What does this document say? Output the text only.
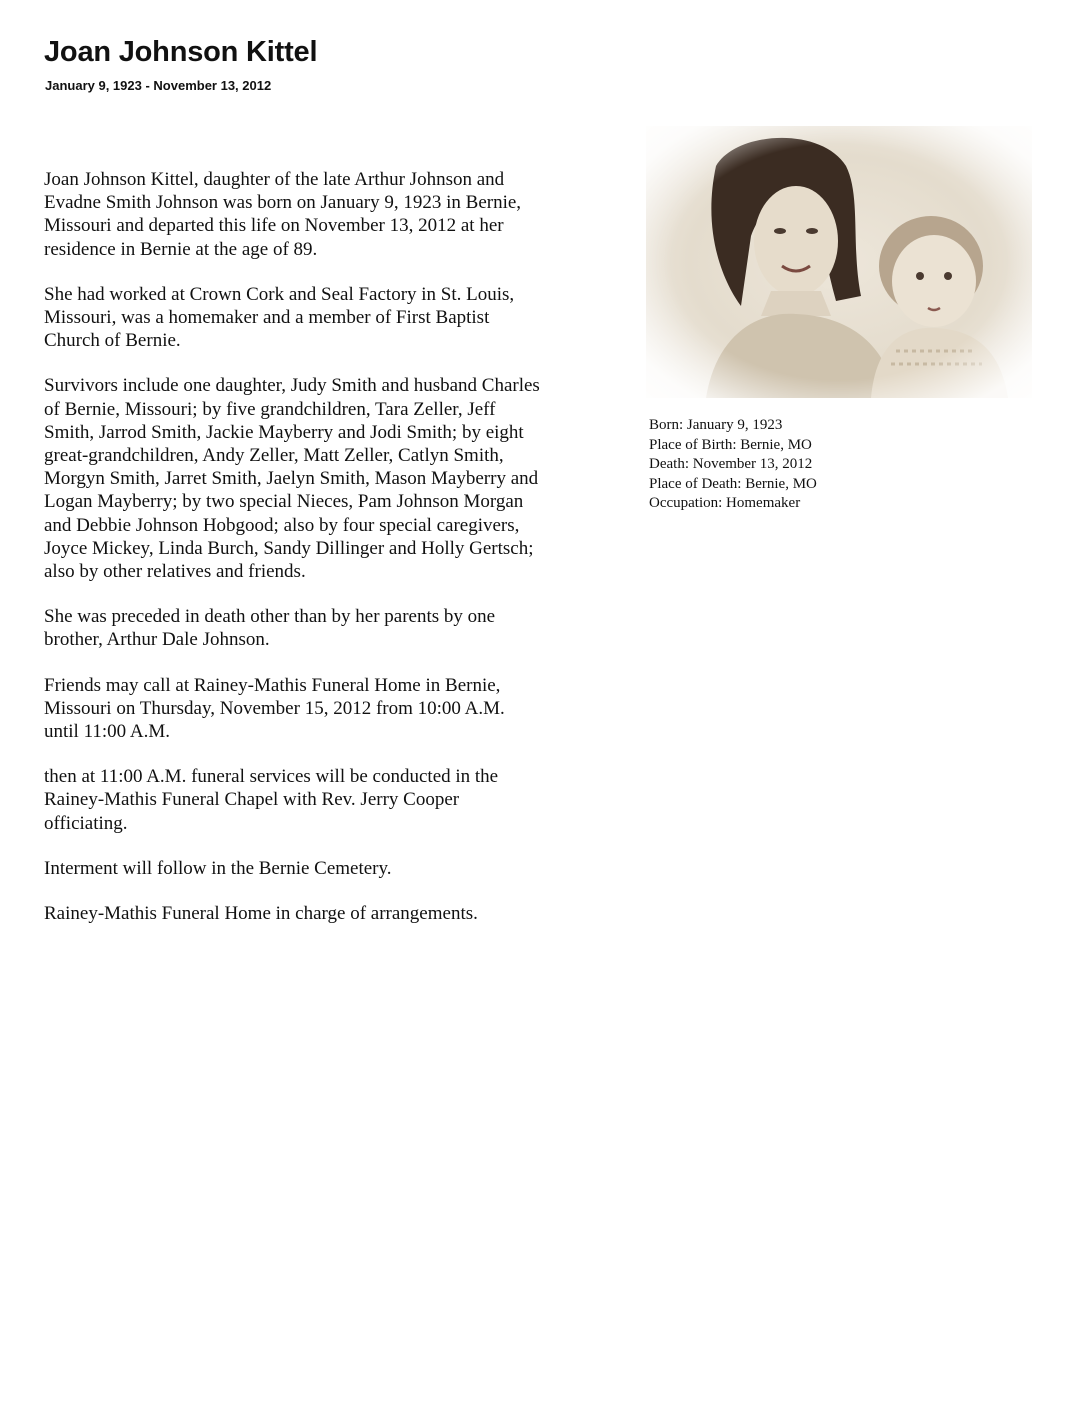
Joan Johnson Kittel
January 9, 1923 - November 13, 2012

Joan Johnson Kittel, daughter of the late Arthur Johnson and
Evadne Smith Johnson was born on January 9, 1923 in Bernie,
Missouri and departed this life on November 13, 2012 at her
residence in Bernie at the age of 89.

She had worked at Crown Cork and Seal Factory in St. Louis,
Missouri, was a homemaker and a member of First Baptist
Church of Bernie.

Survivors include one daughter, Judy Smith and husband Charles
of Bernie, Missouri; by five grandchildren, Tara Zeller, Jeff
Smith, Jarrod Smith, Jackie Mayberry and Jodi Smith; by eight
great-grandchildren, Andy Zeller, Matt Zeller, Catlyn Smith,
Morgyn Smith, Jarret Smith, Jaelyn Smith, Mason Mayberry and
Logan Mayberry; by two special Nieces, Pam Johnson Morgan
and Debbie Johnson Hobgood; also by four special caregivers,
Joyce Mickey, Linda Burch, Sandy Dillinger and Holly Gertsch;
also by other relatives and friends.

She was preceded in death other than by her parents by one
brother, Arthur Dale Johnson.

Friends may call at Rainey-Mathis Funeral Home in Bernie,
Missouri on Thursday, November 15, 2012 from 10:00 A.M.
until 11:00 A.M.

then at 11:00 A.M. funeral services will be conducted in the
Rainey-Mathis Funeral Chapel with Rev. Jerry Cooper
officiating.

Interment will follow in the Bernie Cemetery.

Rainey-Mathis Funeral Home in charge of arrangements.

Born: January 9, 1923
Place of Birth: Bernie, MO
Death: November 13, 2012
Place of Death: Bernie, MO
Occupation: Homemaker
